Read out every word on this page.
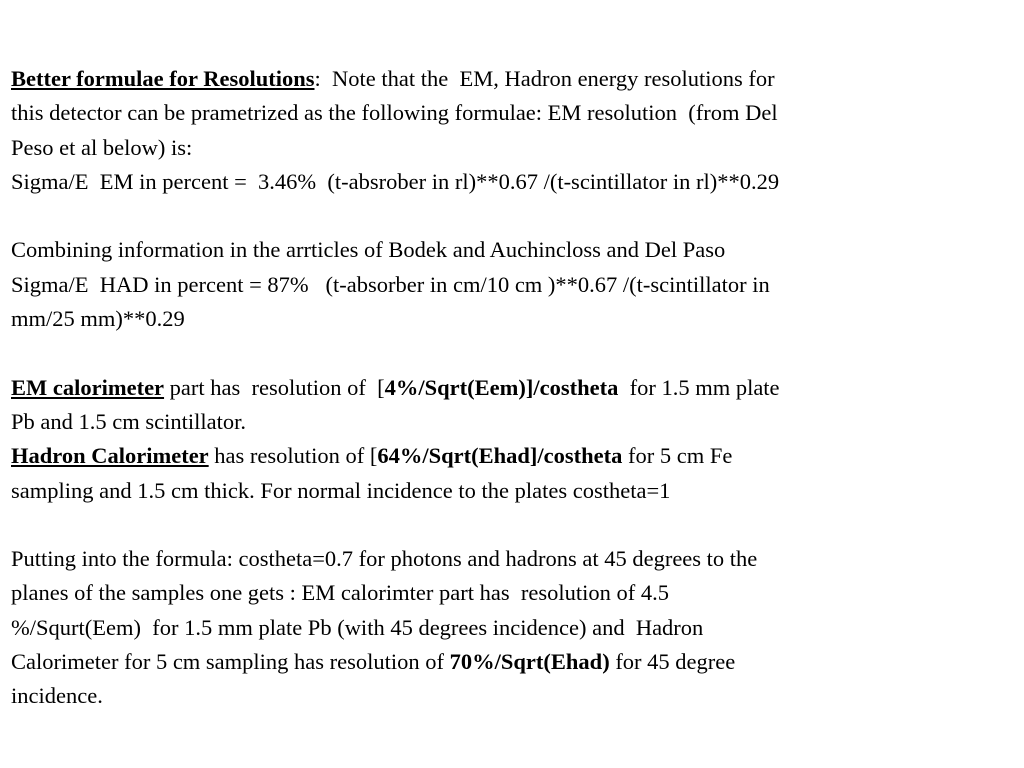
Better formulae for Resolutions:  Note that the  EM, Hadron energy resolutions for
this detector can be prametrized as the following formulae: EM resolution  (from Del
Peso et al below) is:
Sigma/E  EM in percent =  3.46%  (t-absrober in rl)**0.67 /(t-scintillator in rl)**0.29
Combining information in the arrticles of Bodek and Auchincloss and Del Paso
Sigma/E  HAD in percent = 87%   (t-absorber in cm/10 cm )**0.67 /(t-scintillator in
mm/25 mm)**0.29
EM calorimeter part has  resolution of  [4%/Sqrt(Eem)]/costheta  for 1.5 mm plate
Pb and 1.5 cm scintillator.
Hadron Calorimeter has resolution of [64%/Sqrt(Ehad]/costheta for 5 cm Fe
sampling and 1.5 cm thick. For normal incidence to the plates costheta=1
Putting into the formula: costheta=0.7 for photons and hadrons at 45 degrees to the
planes of the samples one gets : EM calorimter part has  resolution of 4.5
%/Squrt(Eem)  for 1.5 mm plate Pb (with 45 degrees incidence) and  Hadron
Calorimeter for 5 cm sampling has resolution of 70%/Sqrt(Ehad) for 45 degree
incidence.
